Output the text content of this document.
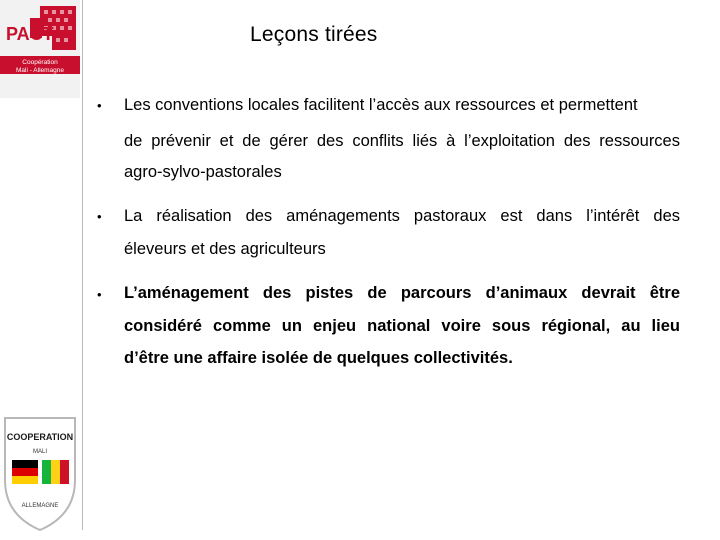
PACT
Coopération
Mali - Allemagne
Leçons tirées
• Les conventions locales facilitent l’accès aux ressources et permettent
de prévenir et de gérer des conflits liés à l’exploitation des ressources
agro-sylvo-pastorales
• La réalisation des aménagements pastoraux est dans l’intérêt des
éleveurs et des agriculteurs
• L’aménagement des pistes de parcours d’animaux devrait être
considéré comme un enjeu national voire sous régional, au lieu
d’être une affaire isolée de quelques collectivités.
COOPERATION
MALI
ALLEMAGNE
